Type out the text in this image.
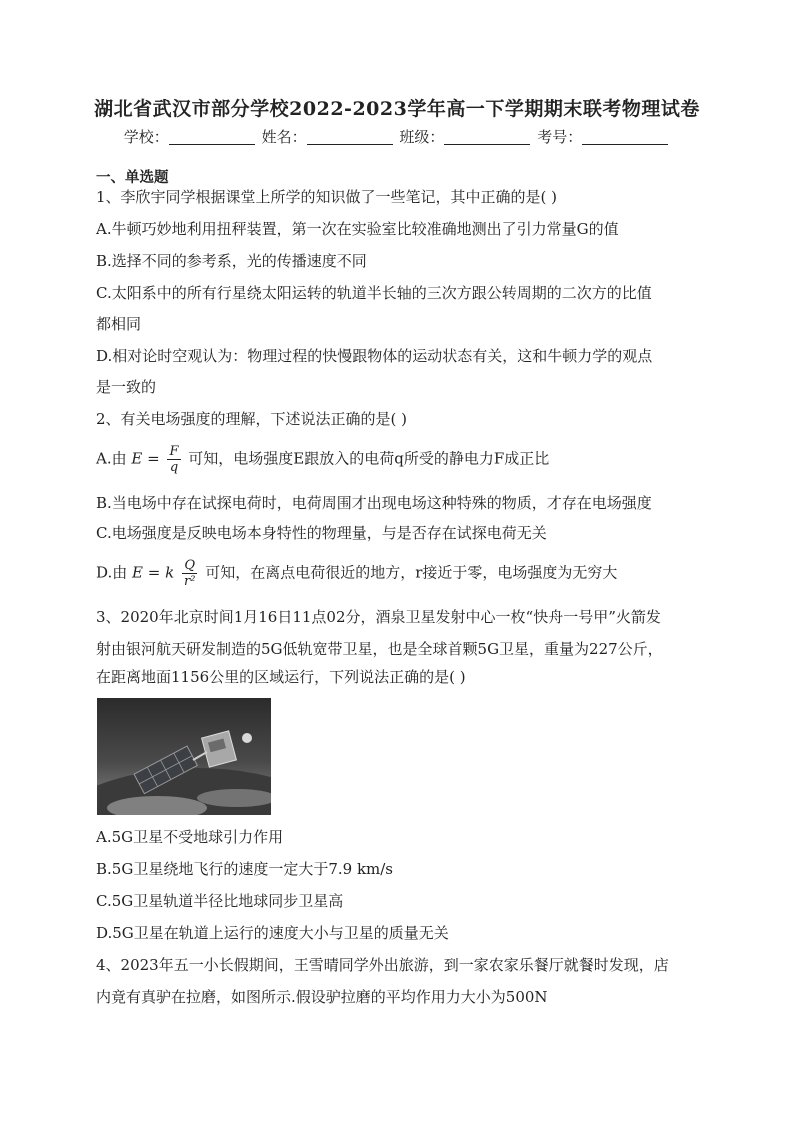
湖北省武汉市部分学校2022-2023学年高一下学期期末联考物理试卷
学校：	姓名：	班级：	考号：
一、单选题
1、李欣宇同学根据课堂上所学的知识做了一些笔记，其中正确的是( )
A.牛顿巧妙地利用扭秤装置，第一次在实验室比较准确地测出了引力常量G的值
B.选择不同的参考系，光的传播速度不同
C.太阳系中的所有行星绕太阳运转的轨道半长轴的三次方跟公转周期的二次方的比值
都相同
D.相对论时空观认为：物理过程的快慢跟物体的运动状态有关，这和牛顿力学的观点
是一致的
2、有关电场强度的理解，下述说法正确的是( )
A.由 $E = \frac{F}{q}$ 可知，电场强度E跟放入的电荷q所受的静电力F成正比
B.当电场中存在试探电荷时，电荷周围才出现电场这种特殊的物质，才存在电场强度
C.电场强度是反映电场本身特性的物理量，与是否存在试探电荷无关
D.由 E = k $\frac{Q}{\text{r²}}$ 可知，在离点电荷很近的地方，r接近于零，电场强度为无穷大
3、2020年北京时间1月16日11点02分，酒泉卫星发射中心一枚“快舟一号甲”火箭发
射由银河航天研发制造的5G低轨宽带卫星，也是全球首颗5G卫星，重量为227公斤，
在距离地面1156公里的区域运行，下列说法正确的是( )
A.5G卫星不受地球引力作用
B.5G卫星绕地飞行的速度一定大于7.9 km/s
C.5G卫星轨道半径比地球同步卫星高
D.5G卫星在轨道上运行的速度大小与卫星的质量无关
4、2023年五一小长假期间，王雪晴同学外出旅游，到一家农家乐餐厅就餐时发现，店
内竟有真驴在拉磨，如图所示.假设驴拉磨的平均作用力大小为500N
